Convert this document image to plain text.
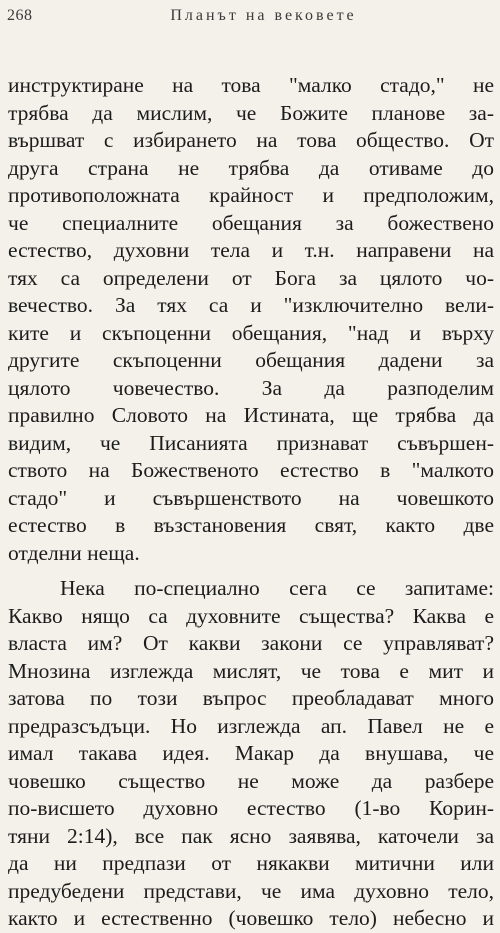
268	Планът на вековете
инструктиране на това "малко стадо," не
трябва да мислим, че Божите планове за-
вършват с избирането на това общество. От
друга страна не трябва да отиваме до
противоположната крайност и предположим,
че специалните обещания за божествено
естество, духовни тела и т.н. направени на
тях са определени от Бога за цялото чо-
вечество. За тях са и "изключително вели-
ките и скъпоценни обещания, "над и върху
другите скъпоценни обещания дадени за
цялото човечество. За да разподелим
правилно Словото на Истината, ще трябва да
видим, че Писанията признават съвършен-
ството на Божественото естество в "малкото
стадо" и съвършенството на човешкото
естество в възстановения свят, както две
отделни неща.
Нека по-специално сега се запитаме:
Какво нящо са духовните същества? Каква е
власта им? От какви закони се управляват?
Мнозина изглежда мислят, че това е мит и
затова по този въпрос преобладават много
предразсъдъци. Но изглежда ап. Павел не е
имал такава идея. Макар да внушава, че
човешко същество не може да разбере
по-висшето духовно естество (1-во Корин-
тяни 2:14), все пак ясно заявява, каточели за
да ни предпази от някакви митични или
предубедени представи, че има духовно тело,
както и естественно (човешко тело) небесно и
